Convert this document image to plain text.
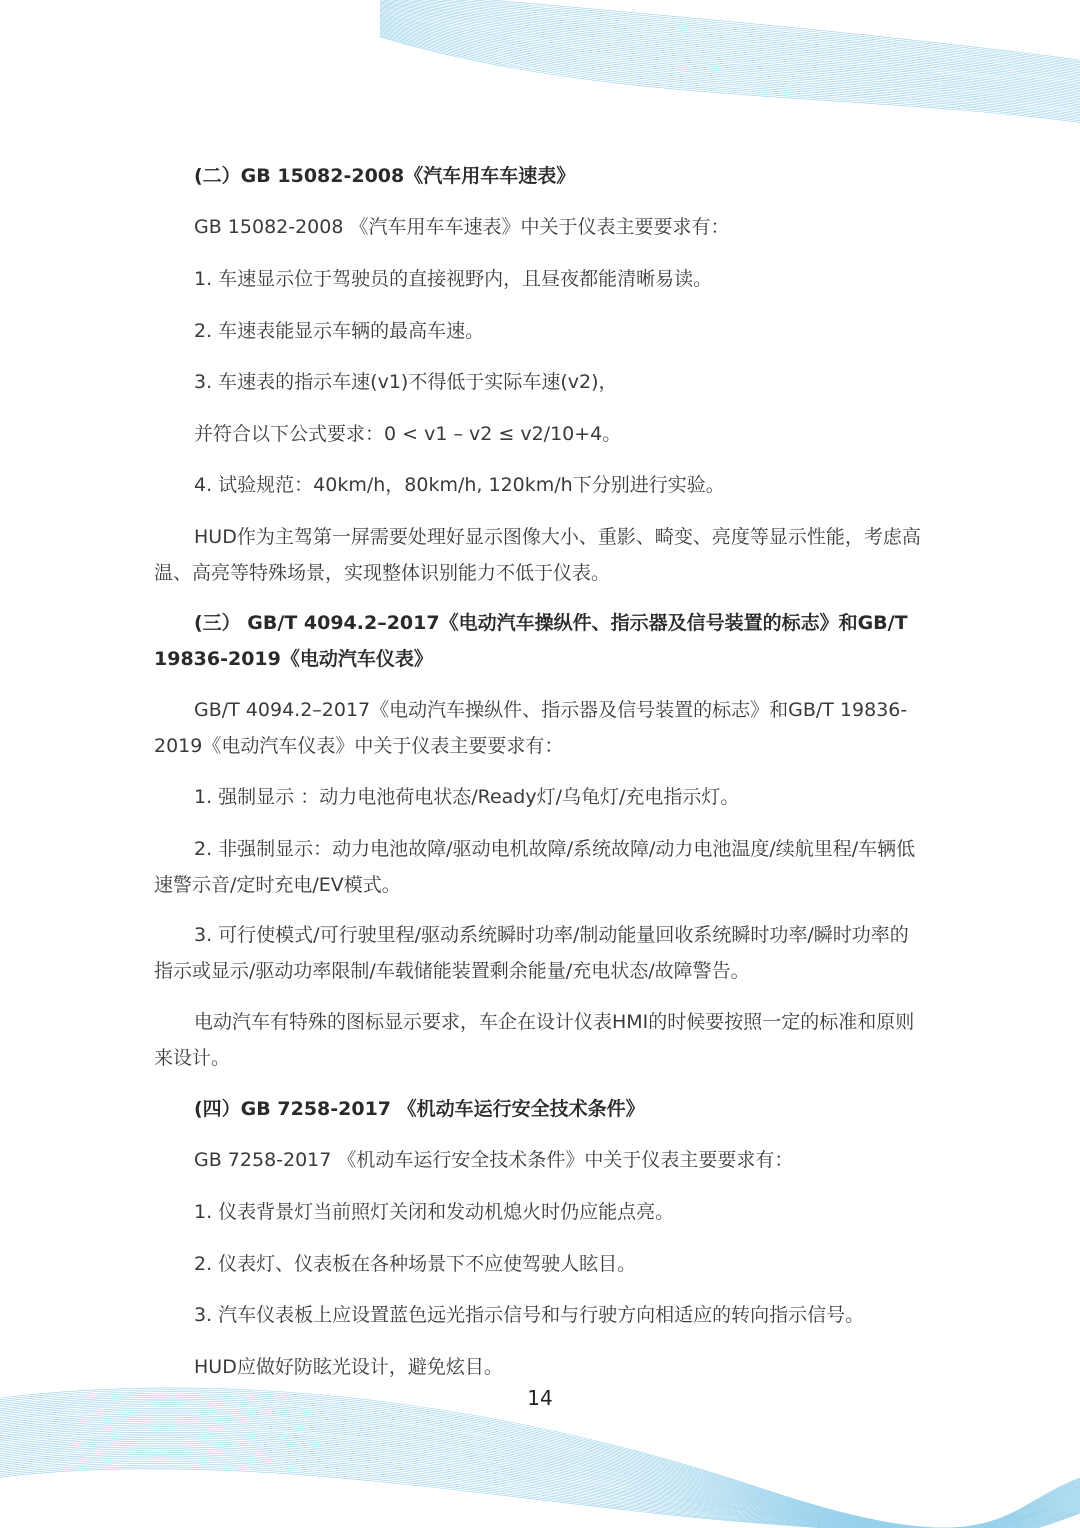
(二）GB 15082-2008《汽车用车车速表》

GB 15082-2008 《汽车用车车速表》中关于仪表主要要求有：

1. 车速显示位于驾驶员的直接视野内，且昼夜都能清晰易读。

2. 车速表能显示车辆的最高车速。

3. 车速表的指示车速(v1)不得低于实际车速(v2)，

并符合以下公式要求：0 < v1 – v2 ≤ v2/10+4。

4. 试验规范：40km/h，80km/h, 120km/h下分别进行实验。

HUD作为主驾第一屏需要处理好显示图像大小、重影、畸变、亮度等显示性能，考虑高温、高亮等特殊场景，实现整体识别能力不低于仪表。

(三） GB/T 4094.2–2017《电动汽车操纵件、指示器及信号装置的标志》和GB/T 19836-2019《电动汽车仪表》

GB/T 4094.2–2017《电动汽车操纵件、指示器及信号装置的标志》和GB/T 19836-2019《电动汽车仪表》中关于仪表主要要求有：

1. 强制显示 ：动力电池荷电状态/Ready灯/乌龟灯/充电指示灯。

2. 非强制显示：动力电池故障/驱动电机故障/系统故障/动力电池温度/续航里程/车辆低速警示音/定时充电/EV模式。

3. 可行使模式/可行驶里程/驱动系统瞬时功率/制动能量回收系统瞬时功率/瞬时功率的指示或显示/驱动功率限制/车载储能装置剩余能量/充电状态/故障警告。

电动汽车有特殊的图标显示要求，车企在设计仪表HMI的时候要按照一定的标准和原则来设计。

(四）GB 7258-2017 《机动车运行安全技术条件》

GB 7258-2017 《机动车运行安全技术条件》中关于仪表主要要求有：

1. 仪表背景灯当前照灯关闭和发动机熄火时仍应能点亮。

2. 仪表灯、仪表板在各种场景下不应使驾驶人眩目。

3. 汽车仪表板上应设置蓝色远光指示信号和与行驶方向相适应的转向指示信号。

HUD应做好防眩光设计，避免炫目。

14
